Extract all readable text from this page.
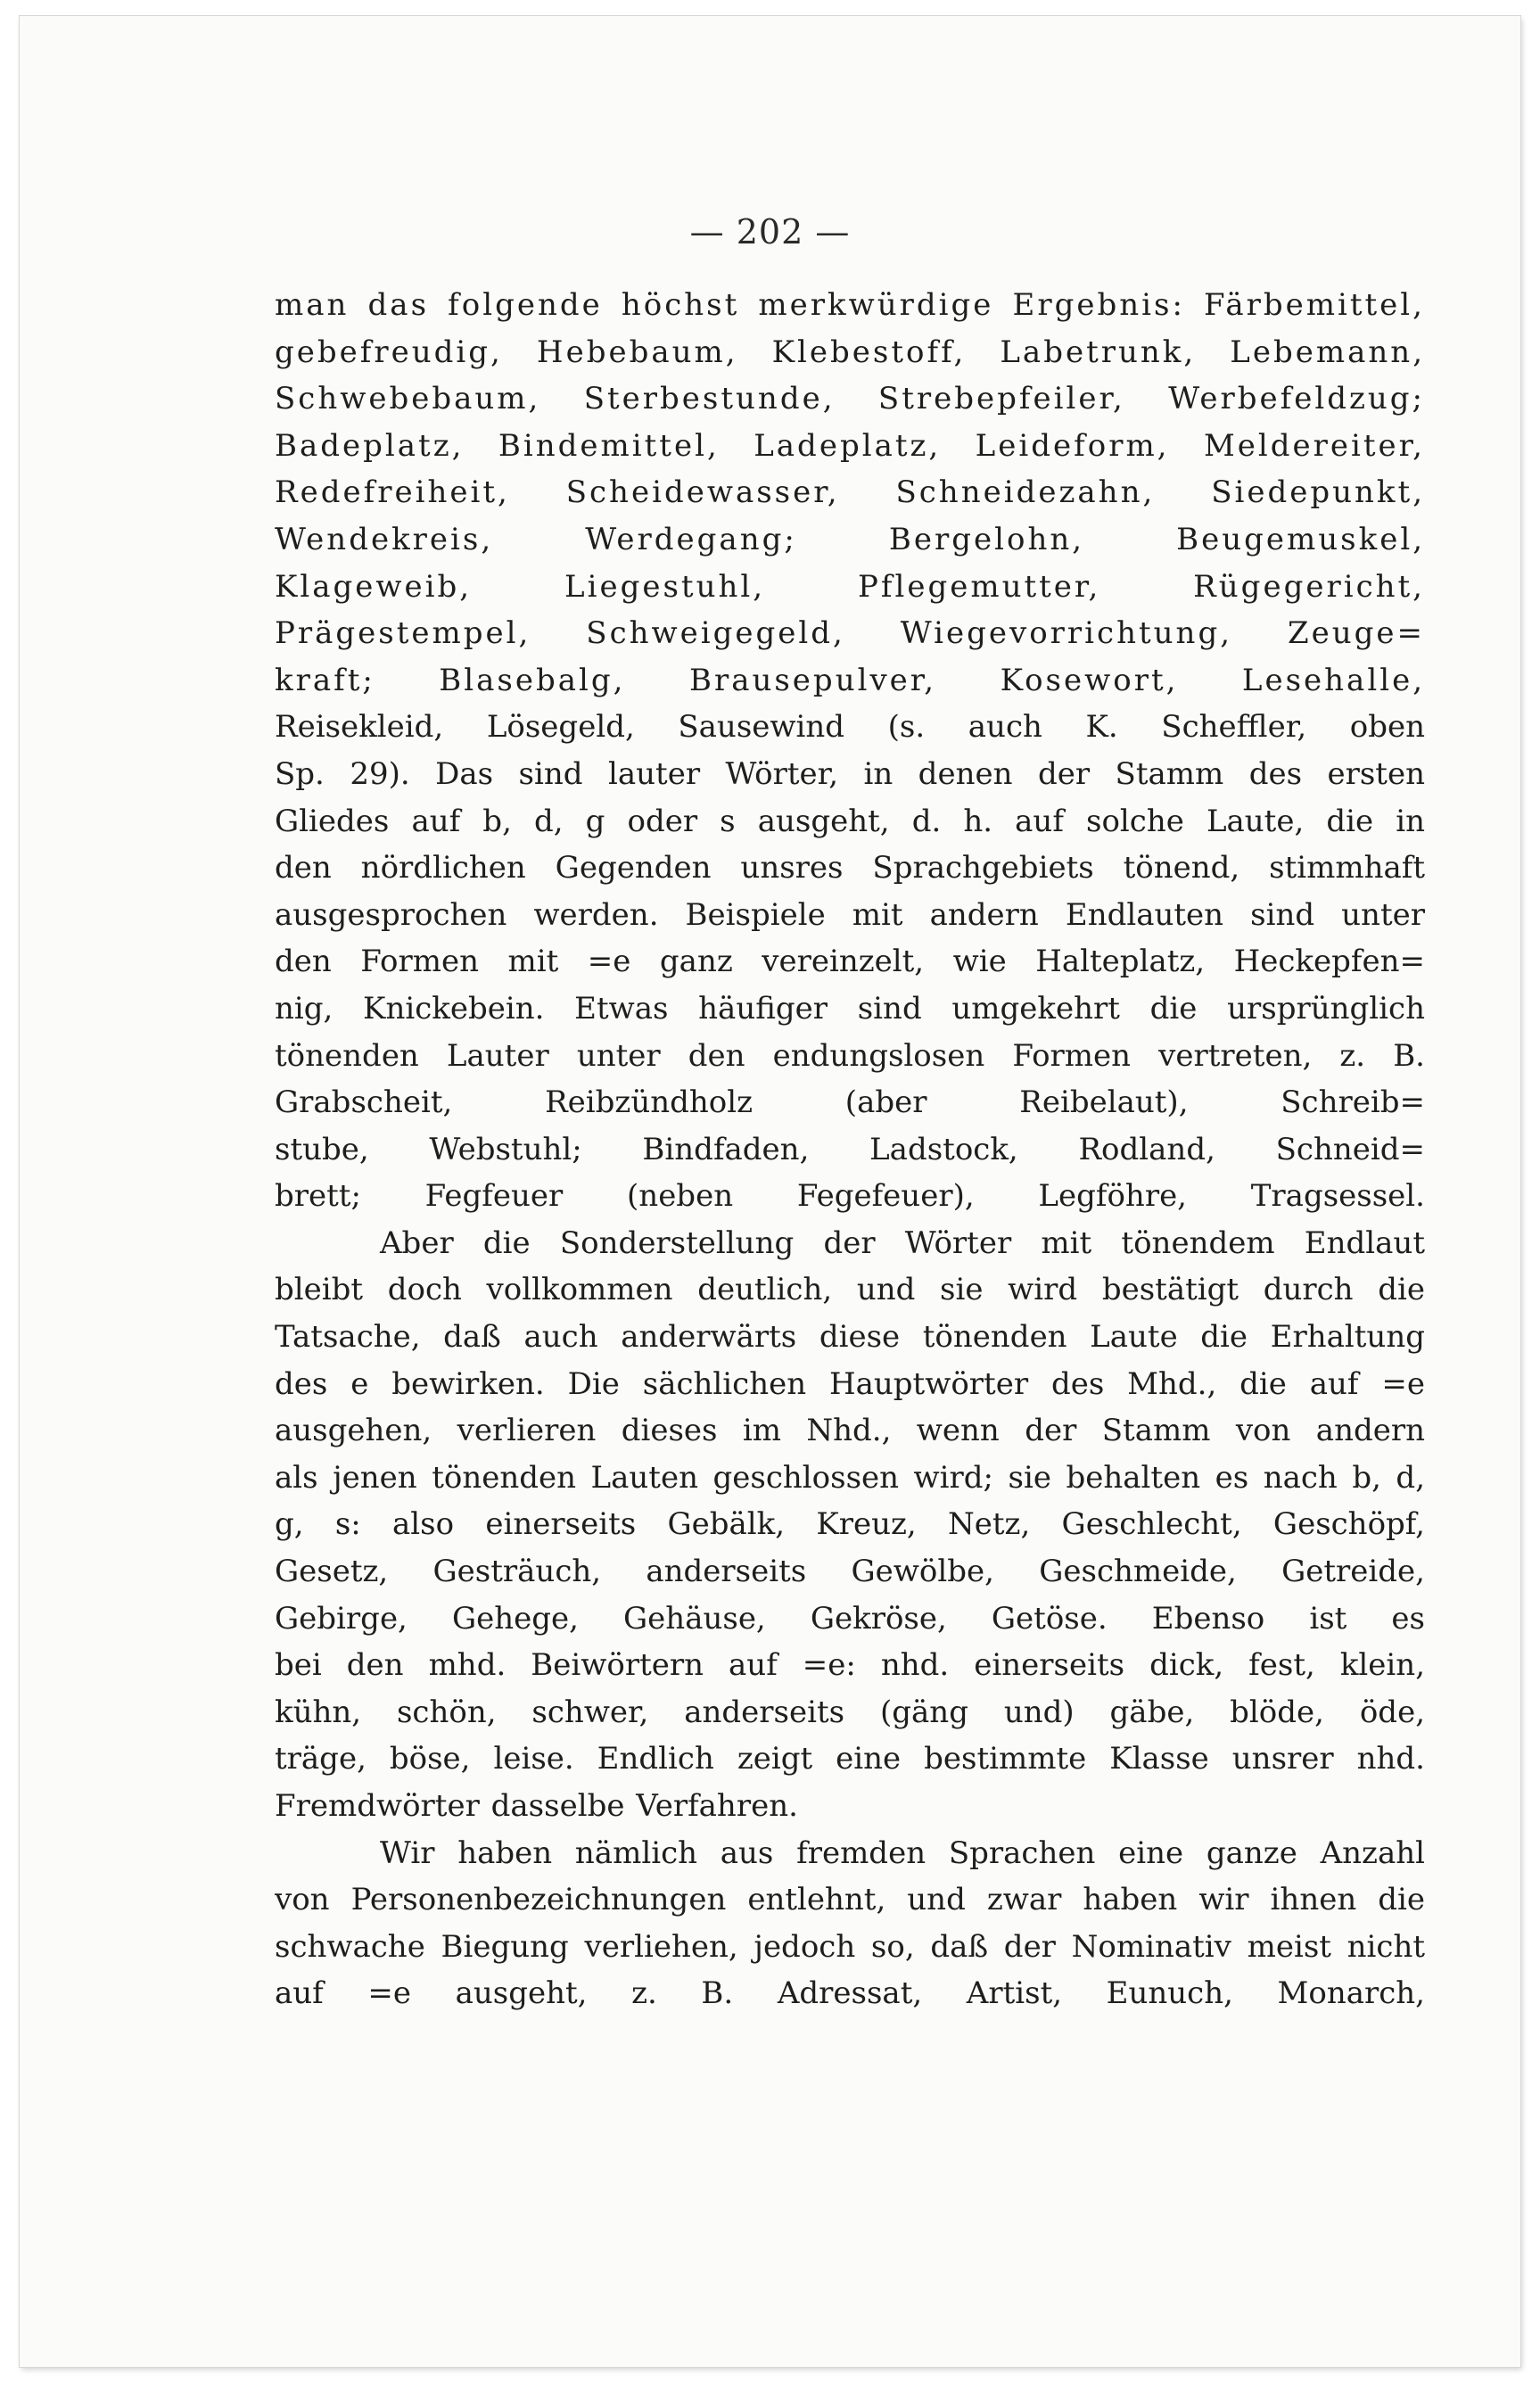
— 202 —
man das folgende höchst merkwürdige Ergebnis: Färbemittel,
gebefreudig, Hebebaum, Klebestoff, Labetrunk, Lebemann,
Schwebebaum, Sterbestunde, Strebepfeiler, Werbefeldzug;
Badeplatz, Bindemittel, Ladeplatz, Leideform, Meldereiter,
Redefreiheit, Scheidewasser, Schneidezahn, Siedepunkt,
Wendekreis, Werdegang; Bergelohn, Beugemuskel,
Klageweib, Liegestuhl, Pflegemutter, Rügegericht,
Prägestempel, Schweigegeld, Wiegevorrichtung, Zeuge=
kraft; Blasebalg, Brausepulver, Kosewort, Lesehalle,
Reisekleid, Lösegeld, Sausewind (s. auch K. Scheffler, oben
Sp. 29). Das sind lauter Wörter, in denen der Stamm des ersten
Gliedes auf b, d, g oder s ausgeht, d. h. auf solche Laute, die in
den nördlichen Gegenden unsres Sprachgebiets tönend, stimmhaft
ausgesprochen werden. Beispiele mit andern Endlauten sind unter
den Formen mit =e ganz vereinzelt, wie Halteplatz, Heckepfen=
nig, Knickebein. Etwas häufiger sind umgekehrt die ursprünglich
tönenden Lauter unter den endungslosen Formen vertreten, z. B.
Grabscheit, Reibzündholz (aber Reibelaut), Schreib=
stube, Webstuhl; Bindfaden, Ladstock, Rodland, Schneid=
brett; Fegfeuer (neben Fegefeuer), Legföhre, Tragsessel.
Aber die Sonderstellung der Wörter mit tönendem Endlaut
bleibt doch vollkommen deutlich, und sie wird bestätigt durch die
Tatsache, daß auch anderwärts diese tönenden Laute die Erhaltung
des e bewirken. Die sächlichen Hauptwörter des Mhd., die auf =e
ausgehen, verlieren dieses im Nhd., wenn der Stamm von andern
als jenen tönenden Lauten geschlossen wird; sie behalten es nach b, d,
g, s: also einerseits Gebälk, Kreuz, Netz, Geschlecht, Geschöpf,
Gesetz, Gesträuch, anderseits Gewölbe, Geschmeide, Getreide,
Gebirge, Gehege, Gehäuse, Gekröse, Getöse. Ebenso ist es
bei den mhd. Beiwörtern auf =e: nhd. einerseits dick, fest, klein,
kühn, schön, schwer, anderseits (gäng und) gäbe, blöde, öde,
träge, böse, leise. Endlich zeigt eine bestimmte Klasse unsrer nhd.
Fremdwörter dasselbe Verfahren.
Wir haben nämlich aus fremden Sprachen eine ganze Anzahl
von Personenbezeichnungen entlehnt, und zwar haben wir ihnen die
schwache Biegung verliehen, jedoch so, daß der Nominativ meist nicht
auf =e ausgeht, z. B. Adressat, Artist, Eunuch, Monarch,
